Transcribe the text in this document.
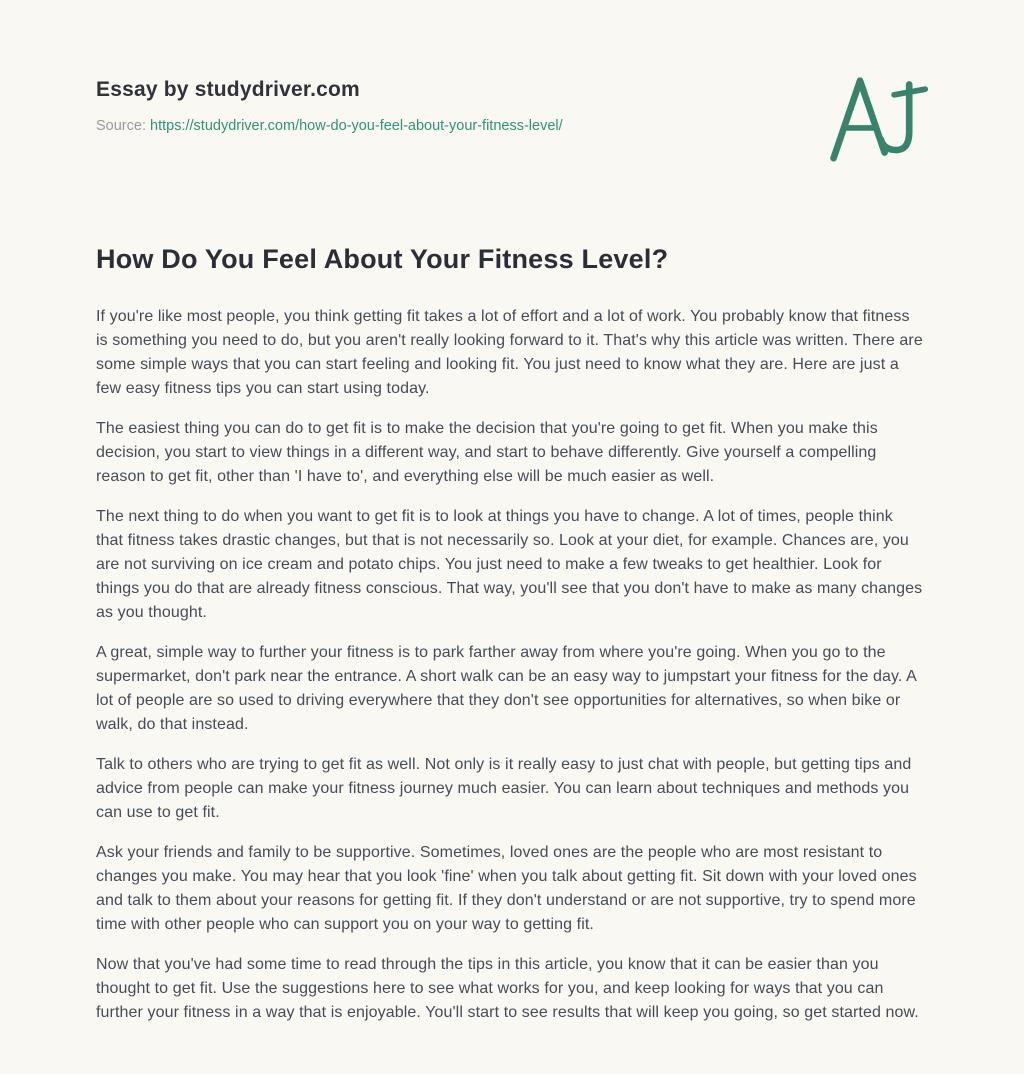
Essay by studydriver.com
Source: https://studydriver.com/how-do-you-feel-about-your-fitness-level/
How Do You Feel About Your Fitness Level?

If you're like most people, you think getting fit takes a lot of effort and a lot of work. You probably know that fitness is something you need to do, but you aren't really looking forward to it. That's why this article was written. There are some simple ways that you can start feeling and looking fit. You just need to know what they are. Here are just a few easy fitness tips you can start using today.

The easiest thing you can do to get fit is to make the decision that you're going to get fit. When you make this decision, you start to view things in a different way, and start to behave differently. Give yourself a compelling reason to get fit, other than 'I have to', and everything else will be much easier as well.

The next thing to do when you want to get fit is to look at things you have to change. A lot of times, people think that fitness takes drastic changes, but that is not necessarily so. Look at your diet, for example. Chances are, you are not surviving on ice cream and potato chips. You just need to make a few tweaks to get healthier. Look for things you do that are already fitness conscious. That way, you'll see that you don't have to make as many changes as you thought.

A great, simple way to further your fitness is to park farther away from where you're going. When you go to the supermarket, don't park near the entrance. A short walk can be an easy way to jumpstart your fitness for the day. A lot of people are so used to driving everywhere that they don't see opportunities for alternatives, so when bike or walk, do that instead.

Talk to others who are trying to get fit as well. Not only is it really easy to just chat with people, but getting tips and advice from people can make your fitness journey much easier. You can learn about techniques and methods you can use to get fit.

Ask your friends and family to be supportive. Sometimes, loved ones are the people who are most resistant to changes you make. You may hear that you look 'fine' when you talk about getting fit. Sit down with your loved ones and talk to them about your reasons for getting fit. If they don't understand or are not supportive, try to spend more time with other people who can support you on your way to getting fit.

Now that you've had some time to read through the tips in this article, you know that it can be easier than you thought to get fit. Use the suggestions here to see what works for you, and keep looking for ways that you can further your fitness in a way that is enjoyable. You'll start to see results that will keep you going, so get started now.
